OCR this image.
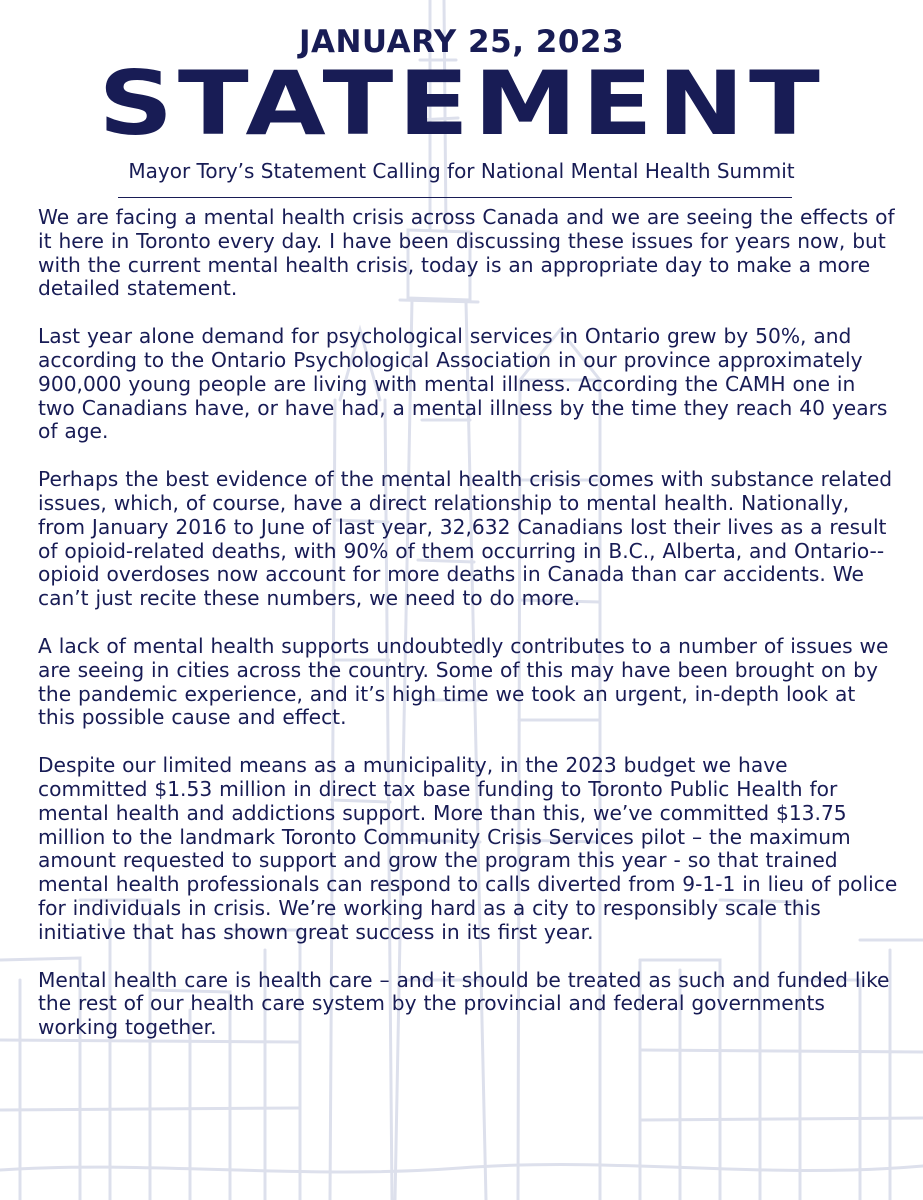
JANUARY 25, 2023
STATEMENT

Mayor Tory’s Statement Calling for National Mental Health Summit

We are facing a mental health crisis across Canada and we are seeing the effects of it here in Toronto every day. I have been discussing these issues for years now, but with the current mental health crisis, today is an appropriate day to make a more detailed statement.

Last year alone demand for psychological services in Ontario grew by 50%, and according to the Ontario Psychological Association in our province approximately 900,000 young people are living with mental illness. According the CAMH one in two Canadians have, or have had, a mental illness by the time they reach 40 years of age.

Perhaps the best evidence of the mental health crisis comes with substance related issues, which, of course, have a direct relationship to mental health. Nationally, from January 2016 to June of last year, 32,632 Canadians lost their lives as a result of opioid-related deaths, with 90% of them occurring in B.C., Alberta, and Ontario--opioid overdoses now account for more deaths in Canada than car accidents. We can’t just recite these numbers, we need to do more.

A lack of mental health supports undoubtedly contributes to a number of issues we are seeing in cities across the country. Some of this may have been brought on by the pandemic experience, and it’s high time we took an urgent, in-depth look at this possible cause and effect.

Despite our limited means as a municipality, in the 2023 budget we have committed $1.53 million in direct tax base funding to Toronto Public Health for mental health and addictions support. More than this, we’ve committed $13.75 million to the landmark Toronto Community Crisis Services pilot – the maximum amount requested to support and grow the program this year - so that trained mental health professionals can respond to calls diverted from 9-1-1 in lieu of police for individuals in crisis. We’re working hard as a city to responsibly scale this initiative that has shown great success in its first year.

Mental health care is health care – and it should be treated as such and funded like the rest of our health care system by the provincial and federal governments working together.
